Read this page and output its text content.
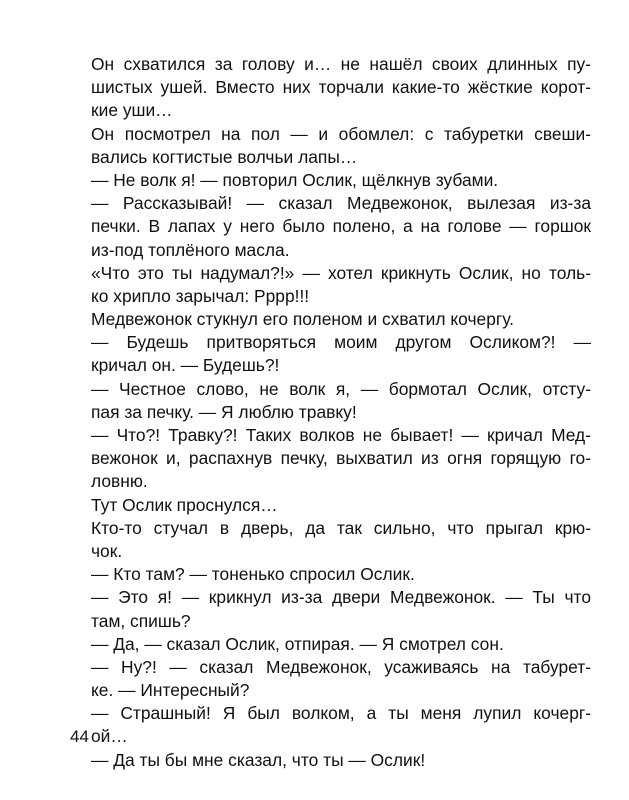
Он схватился за голову и… не нашёл своих длинных пу-
шистых ушей. Вместо них торчали какие-то жёсткие корот-
кие уши…
Он посмотрел на пол — и обомлел: с табуретки свеши-
вались когтистые волчьи лапы…
— Не волк я! — повторил Ослик, щёлкнув зубами.
— Рассказывай! — сказал Медвежонок, вылезая из-за
печки. В лапах у него было полено, а на голове — горшок
из-под топлёного масла.
«Что это ты надумал?!» — хотел крикнуть Ослик, но толь-
ко хрипло зарычал: Рррр!!!
Медвежонок стукнул его поленом и схватил кочергу.
— Будешь притворяться моим другом Осликом?! —
кричал он. — Будешь?!
— Честное слово, не волк я, — бормотал Ослик, отсту-
пая за печку. — Я люблю травку!
— Что?! Травку?! Таких волков не бывает! — кричал Мед-
вежонок и, распахнув печку, выхватил из огня горящую го-
ловню.
Тут Ослик проснулся…
Кто-то стучал в дверь, да так сильно, что прыгал крю-
чок.
— Кто там? — тоненько спросил Ослик.
— Это я! — крикнул из-за двери Медвежонок. — Ты что
там, спишь?
— Да, — сказал Ослик, отпирая. — Я смотрел сон.
— Ну?! — сказал Медвежонок, усаживаясь на табурет-
ке. — Интересный?
— Страшный! Я был волком, а ты меня лупил кочерг-
ой…
— Да ты бы мне сказал, что ты — Ослик!
44
